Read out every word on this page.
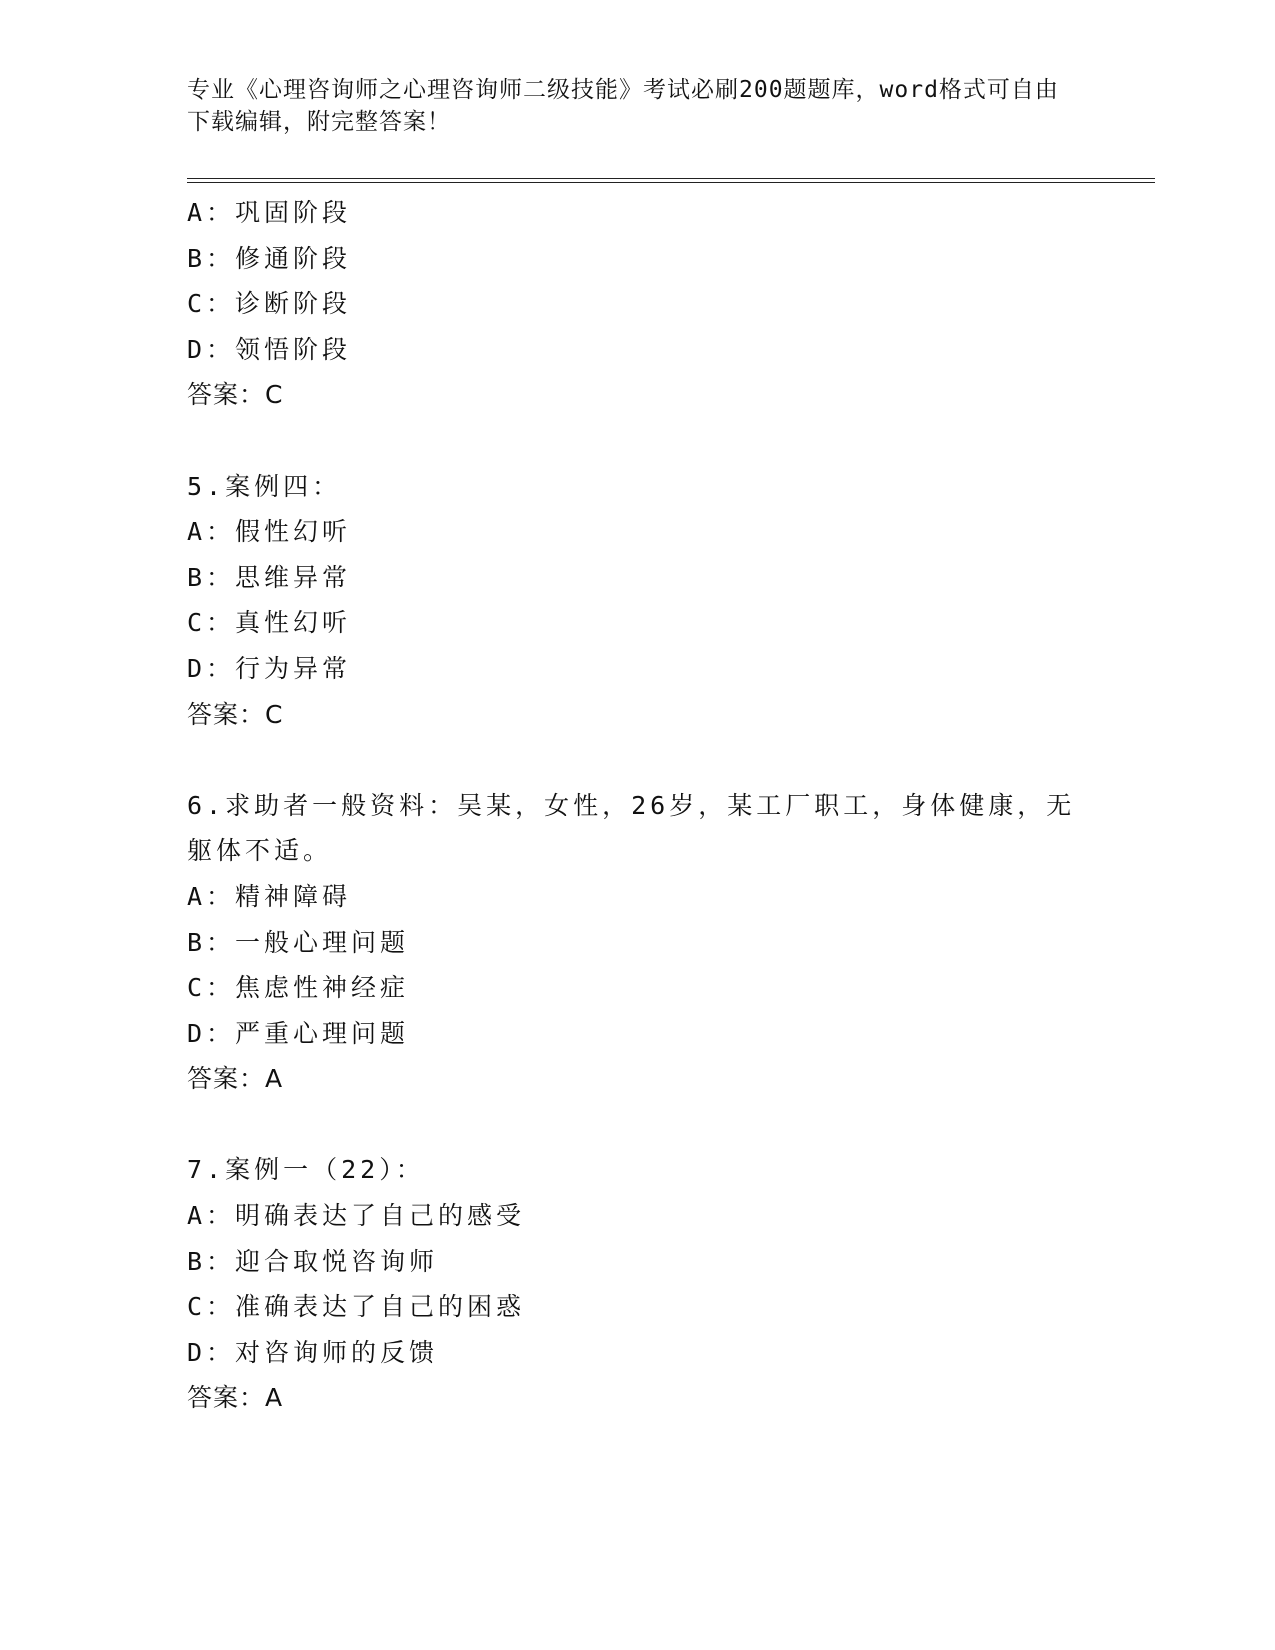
专业《心理咨询师之心理咨询师二级技能》考试必刷200题题库，word格式可自由下载编辑，附完整答案！
A：巩固阶段
B：修通阶段
C：诊断阶段
D：领悟阶段
答案：C
5.案例四：
A：假性幻听
B：思维异常
C：真性幻听
D：行为异常
答案：C
6.求助者一般资料：吴某，女性，26岁，某工厂职工，身体健康，无
躯体不适。
A：精神障碍
B：一般心理问题
C：焦虑性神经症
D：严重心理问题
答案：A
7.案例一（22）：
A：明确表达了自己的感受
B：迎合取悦咨询师
C：准确表达了自己的困惑
D：对咨询师的反馈
答案：A
